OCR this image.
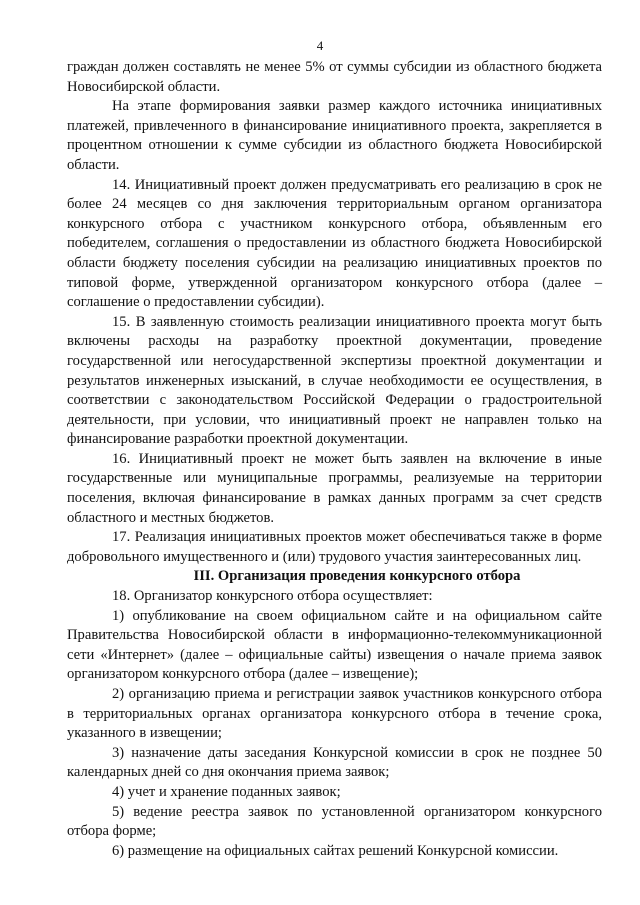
4

граждан должен составлять не менее 5% от суммы субсидии из областного бюджета Новосибирской области.

На этапе формирования заявки размер каждого источника инициативных платежей, привлеченного в финансирование инициативного проекта, закрепляется в процентном отношении к сумме субсидии из областного бюджета Новосибирской области.

14. Инициативный проект должен предусматривать его реализацию в срок не более 24 месяцев со дня заключения территориальным органом организатора конкурсного отбора с участником конкурсного отбора, объявленным его победителем, соглашения о предоставлении из областного бюджета Новосибирской области бюджету поселения субсидии на реализацию инициативных проектов по типовой форме, утвержденной организатором конкурсного отбора (далее – соглашение о предоставлении субсидии).

15. В заявленную стоимость реализации инициативного проекта могут быть включены расходы на разработку проектной документации, проведение государственной или негосударственной экспертизы проектной документации и результатов инженерных изысканий, в случае необходимости ее осуществления, в соответствии с законодательством Российской Федерации о градостроительной деятельности, при условии, что инициативный проект не направлен только на финансирование разработки проектной документации.

16. Инициативный проект не может быть заявлен на включение в иные государственные или муниципальные программы, реализуемые на территории поселения, включая финансирование в рамках данных программ за счет средств областного и местных бюджетов.

17. Реализация инициативных проектов может обеспечиваться также в форме добровольного имущественного и (или) трудового участия заинтересованных лиц.

III. Организация проведения конкурсного отбора

18. Организатор конкурсного отбора осуществляет:

1) опубликование на своем официальном сайте и на официальном сайте Правительства Новосибирской области в информационно-телекоммуникационной сети «Интернет» (далее – официальные сайты) извещения о начале приема заявок организатором конкурсного отбора (далее – извещение);

2) организацию приема и регистрации заявок участников конкурсного отбора в территориальных органах организатора конкурсного отбора в течение срока, указанного в извещении;

3) назначение даты заседания Конкурсной комиссии в срок не позднее 50 календарных дней со дня окончания приема заявок;

4) учет и хранение поданных заявок;

5) ведение реестра заявок по установленной организатором конкурсного отбора форме;

6) размещение на официальных сайтах решений Конкурсной комиссии.
